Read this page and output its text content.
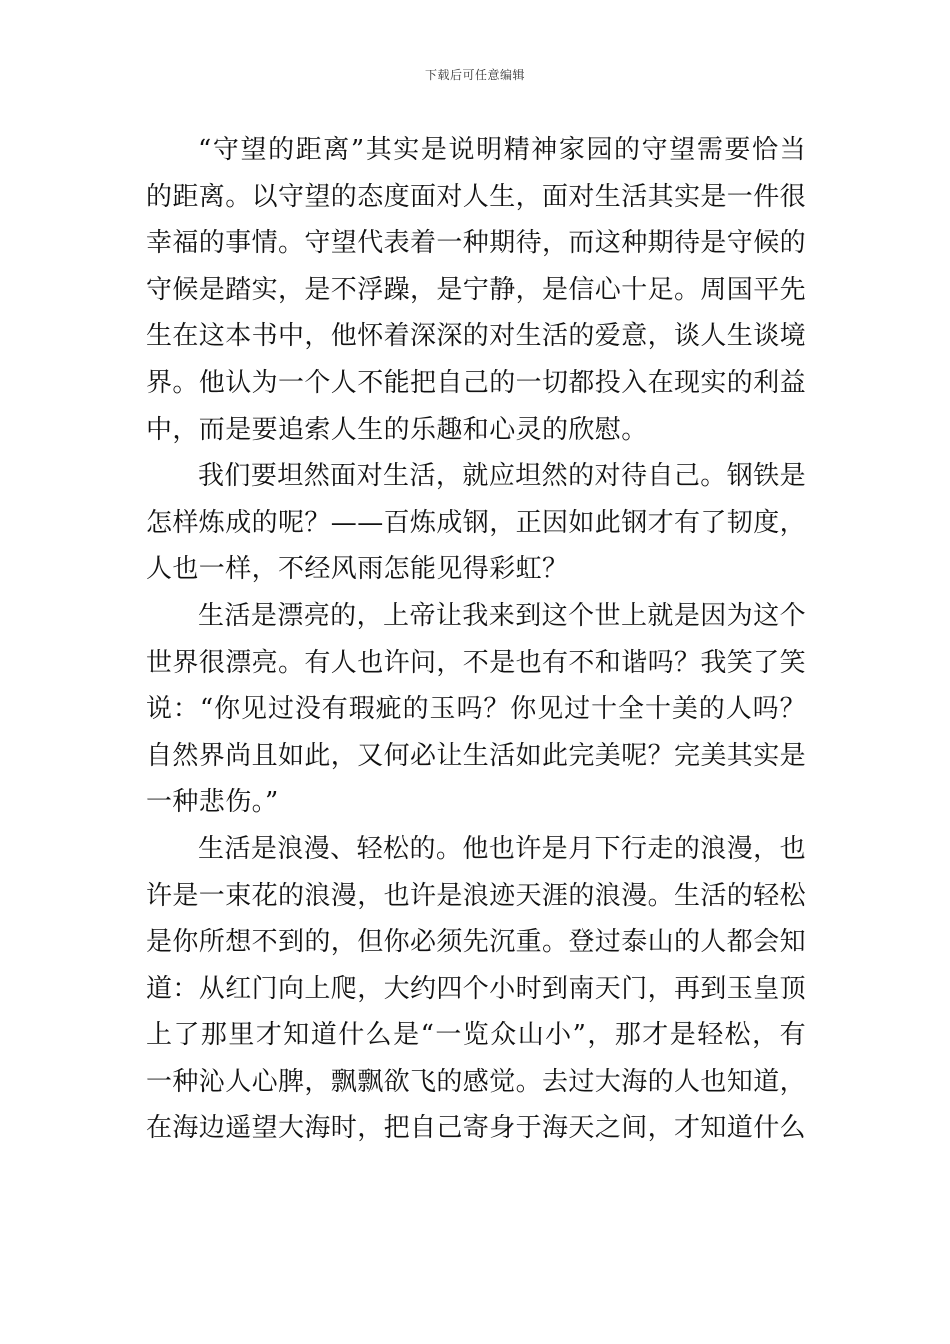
下载后可任意编辑

“守望的距离”其实是说明精神家园的守望需要恰当的距离。以守望的态度面对人生，面对生活其实是一件很幸福的事情。守望代表着一种期待，而这种期待是守候的守候是踏实，是不浮躁，是宁静，是信心十足。周国平先生在这本书中，他怀着深深的对生活的爱意，谈人生谈境界。他认为一个人不能把自己的一切都投入在现实的利益中，而是要追索人生的乐趣和心灵的欣慰。

我们要坦然面对生活，就应坦然的对待自己。钢铁是怎样炼成的呢？——百炼成钢，正因如此钢才有了韧度，人也一样，不经风雨怎能见得彩虹？

生活是漂亮的，上帝让我来到这个世上就是因为这个世界很漂亮。有人也许问，不是也有不和谐吗？我笑了笑说：“你见过没有瑕疵的玉吗？你见过十全十美的人吗？自然界尚且如此，又何必让生活如此完美呢？完美其实是一种悲伤。”

生活是浪漫、轻松的。他也许是月下行走的浪漫，也许是一束花的浪漫，也许是浪迹天涯的浪漫。生活的轻松是你所想不到的，但你必须先沉重。登过泰山的人都会知道：从红门向上爬，大约四个小时到南天门，再到玉皇顶上了那里才知道什么是“一览众山小”，那才是轻松，有一种沁人心脾，飘飘欲飞的感觉。去过大海的人也知道，在海边遥望大海时，把自己寄身于海天之间，才知道什么
